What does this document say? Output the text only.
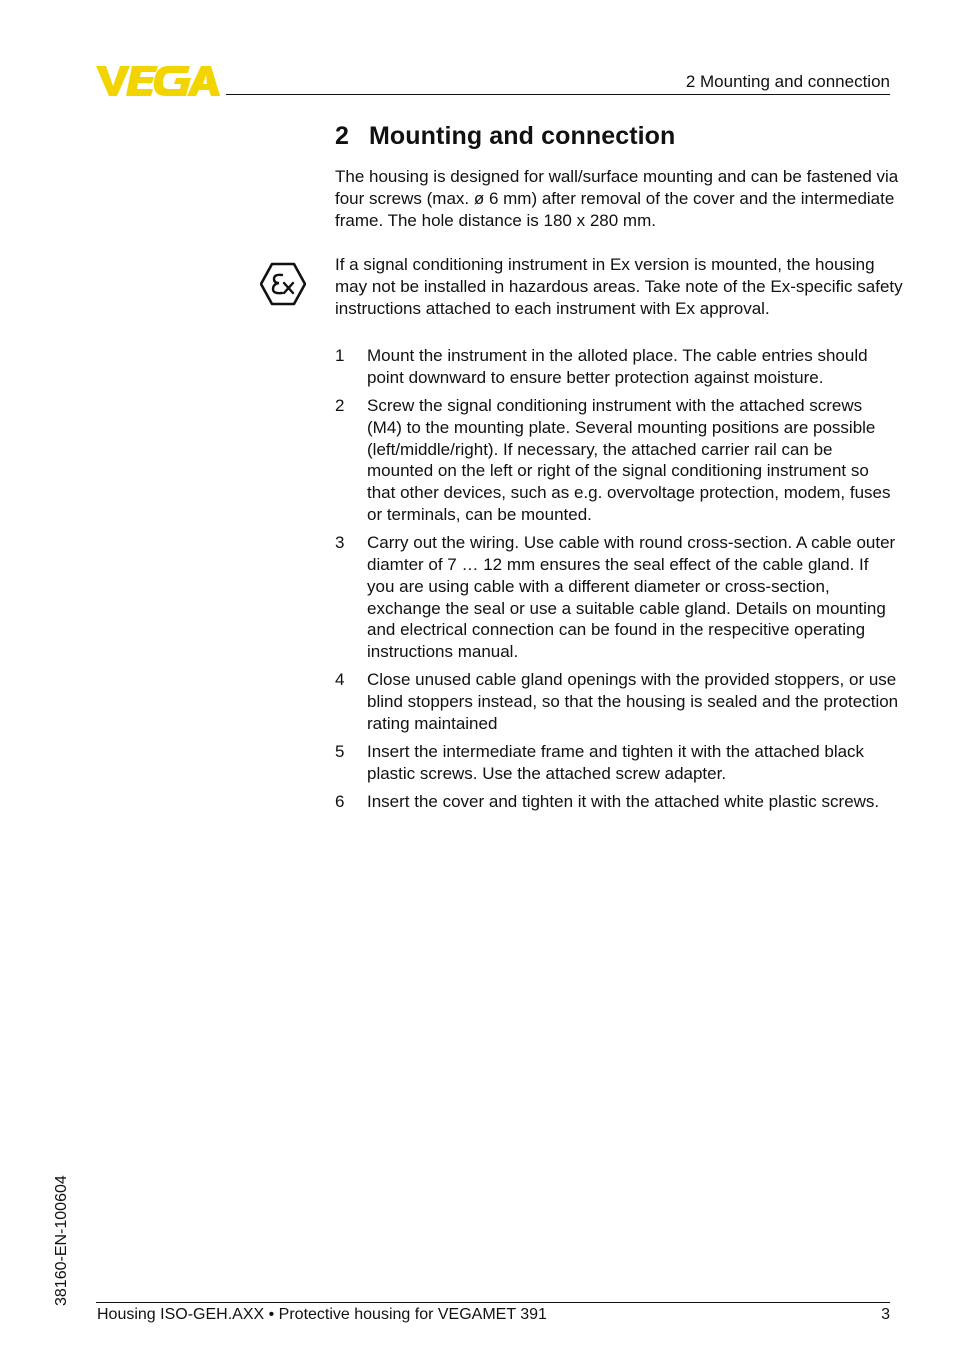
2 Mounting and connection
2 Mounting and connection

The housing is designed for wall/surface mounting and can be fastened via four screws (max. ø 6 mm) after removal of the cover and the intermediate frame. The hole distance is 180 x 280 mm.

If a signal conditioning instrument in Ex version is mounted, the housing may not be installed in hazardous areas. Take note of the Ex-specific safety instructions attached to each instrument with Ex approval.

1 Mount the instrument in the alloted place. The cable entries should point downward to ensure better protection against moisture.
2 Screw the signal conditioning instrument with the attached screws (M4) to the mounting plate. Several mounting positions are possible (left/middle/right). If necessary, the attached carrier rail can be mounted on the left or right of the signal conditioning instrument so that other devices, such as e.g. overvoltage protection, modem, fuses or terminals, can be mounted.
3 Carry out the wiring. Use cable with round cross-section. A cable outer diamter of 7 … 12 mm ensures the seal effect of the cable gland. If you are using cable with a different diameter or cross-section, exchange the seal or use a suitable cable gland. Details on mounting and electrical connection can be found in the respecitive operating instructions manual.
4 Close unused cable gland openings with the provided stoppers, or use blind stoppers instead, so that the housing is sealed and the protection rating maintained
5 Insert the intermediate frame and tighten it with the attached black plastic screws. Use the attached screw adapter.
6 Insert the cover and tighten it with the attached white plastic screws.
38160-EN-100604
Housing ISO-GEH.AXX • Protective housing for VEGAMET 391	3
